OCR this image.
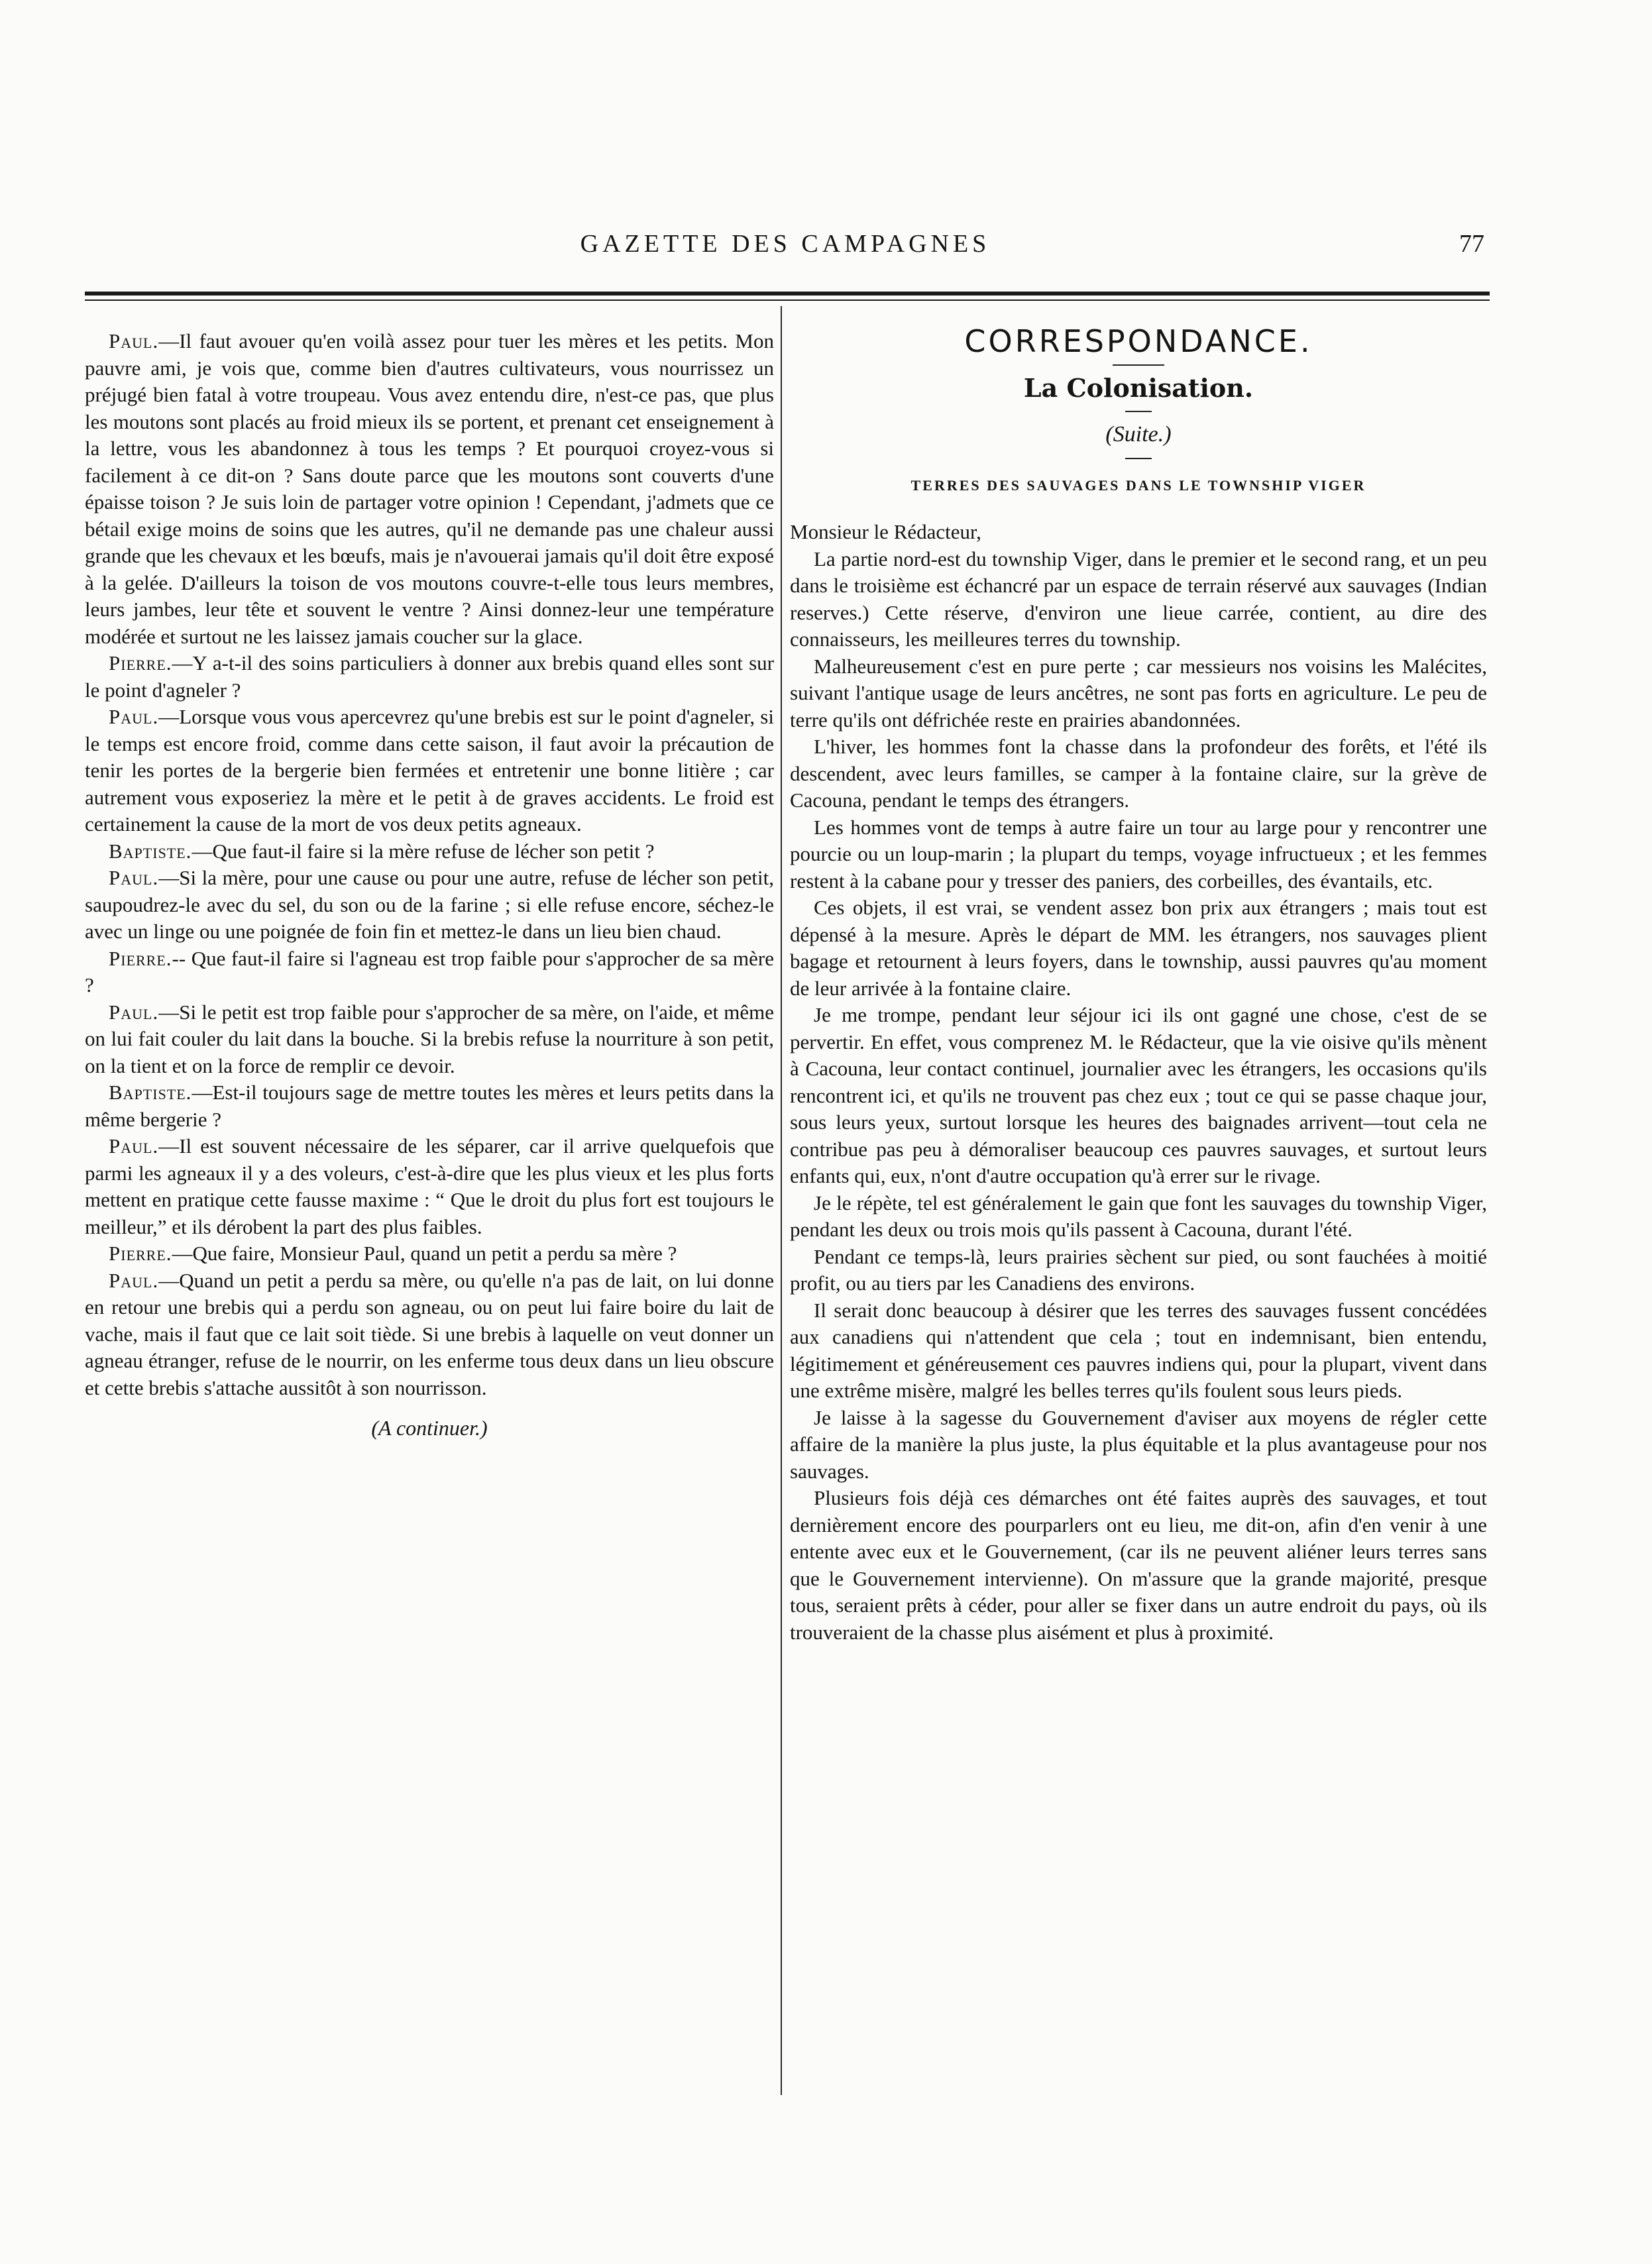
GAZETTE DES CAMPAGNES	77

Paul.—Il faut avouer qu'en voilà assez pour tuer les mères et les petits. Mon pauvre ami, je vois que, comme bien d'autres cultivateurs, vous nourrissez un préjugé bien fatal à votre troupeau. Vous avez entendu dire, n'est-ce pas, que plus les moutons sont placés au froid mieux ils se portent, et prenant cet enseignement à la lettre, vous les abandonnez à tous les temps ? Et pourquoi croyez-vous si facilement à ce dit-on ? Sans doute parce que les moutons sont couverts d'une épaisse toison ? Je suis loin de partager votre opinion ! Cependant, j'admets que ce bétail exige moins de soins que les autres, qu'il ne demande pas une chaleur aussi grande que les chevaux et les bœufs, mais je n'avouerai jamais qu'il doit être exposé à la gelée. D'ailleurs la toison de vos moutons couvre-t-elle tous leurs membres, leurs jambes, leur tête et souvent le ventre ? Ainsi donnez-leur une température modérée et surtout ne les laissez jamais coucher sur la glace.

Pierre.—Y a-t-il des soins particuliers à donner aux brebis quand elles sont sur le point d'agneler ?

Paul.—Lorsque vous vous apercevrez qu'une brebis est sur le point d'agneler, si le temps est encore froid, comme dans cette saison, il faut avoir la précaution de tenir les portes de la bergerie bien fermées et entretenir une bonne litière ; car autrement vous exposeriez la mère et le petit à de graves accidents. Le froid est certainement la cause de la mort de vos deux petits agneaux.

Baptiste.—Que faut-il faire si la mère refuse de lécher son petit ?

Paul.—Si la mère, pour une cause ou pour une autre, refuse de lécher son petit, saupoudrez-le avec du sel, du son ou de la farine ; si elle refuse encore, séchez-le avec un linge ou une poignée de foin fin et mettez-le dans un lieu bien chaud.

Pierre.-- Que faut-il faire si l'agneau est trop faible pour s'approcher de sa mère ?

Paul.—Si le petit est trop faible pour s'approcher de sa mère, on l'aide, et même on lui fait couler du lait dans la bouche. Si la brebis refuse la nourriture à son petit, on la tient et on la force de remplir ce devoir.

Baptiste.—Est-il toujours sage de mettre toutes les mères et leurs petits dans la même bergerie ?

Paul.—Il est souvent nécessaire de les séparer, car il arrive quelquefois que parmi les agneaux il y a des voleurs, c'est-à-dire que les plus vieux et les plus forts mettent en pratique cette fausse maxime : “ Que le droit du plus fort est toujours le meilleur,” et ils dérobent la part des plus faibles.

Pierre.—Que faire, Monsieur Paul, quand un petit a perdu sa mère ?

Paul.—Quand un petit a perdu sa mère, ou qu'elle n'a pas de lait, on lui donne en retour une brebis qui a perdu son agneau, ou on peut lui faire boire du lait de vache, mais il faut que ce lait soit tiède. Si une brebis à laquelle on veut donner un agneau étranger, refuse de le nourrir, on les enferme tous deux dans un lieu obscure et cette brebis s'attache aussitôt à son nourrisson.

(A continuer.)
CORRESPONDANCE.
La Colonisation.
(Suite.)
TERRES DES SAUVAGES DANS LE TOWNSHIP VIGER

Monsieur le Rédacteur,

La partie nord-est du township Viger, dans le premier et le second rang, et un peu dans le troisième est échancré par un espace de terrain réservé aux sauvages (Indian reserves.) Cette réserve, d'environ une lieue carrée, contient, au dire des connaisseurs, les meilleures terres du township.

Malheureusement c'est en pure perte ; car messieurs nos voisins les Malécites, suivant l'antique usage de leurs ancêtres, ne sont pas forts en agriculture. Le peu de terre qu'ils ont défrichée reste en prairies abandonnées.

L'hiver, les hommes font la chasse dans la profondeur des forêts, et l'été ils descendent, avec leurs familles, se camper à la fontaine claire, sur la grève de Cacouna, pendant le temps des étrangers.

Les hommes vont de temps à autre faire un tour au large pour y rencontrer une pourcie ou un loup-marin ; la plupart du temps, voyage infructueux ; et les femmes restent à la cabane pour y tresser des paniers, des corbeilles, des évantails, etc.

Ces objets, il est vrai, se vendent assez bon prix aux étrangers ; mais tout est dépensé à la mesure. Après le départ de MM. les étrangers, nos sauvages plient bagage et retournent à leurs foyers, dans le township, aussi pauvres qu'au moment de leur arrivée à la fontaine claire.

Je me trompe, pendant leur séjour ici ils ont gagné une chose, c'est de se pervertir. En effet, vous comprenez M. le Rédacteur, que la vie oisive qu'ils mènent à Cacouna, leur contact continuel, journalier avec les étrangers, les occasions qu'ils rencontrent ici, et qu'ils ne trouvent pas chez eux ; tout ce qui se passe chaque jour, sous leurs yeux, surtout lorsque les heures des baignades arrivent—tout cela ne contribue pas peu à démoraliser beaucoup ces pauvres sauvages, et surtout leurs enfants qui, eux, n'ont d'autre occupation qu'à errer sur le rivage.

Je le répète, tel est généralement le gain que font les sauvages du township Viger, pendant les deux ou trois mois qu'ils passent à Cacouna, durant l'été.

Pendant ce temps-là, leurs prairies sèchent sur pied, ou sont fauchées à moitié profit, ou au tiers par les Canadiens des environs.

Il serait donc beaucoup à désirer que les terres des sauvages fussent concédées aux canadiens qui n'attendent que cela ; tout en indemnisant, bien entendu, légitimement et généreusement ces pauvres indiens qui, pour la plupart, vivent dans une extrême misère, malgré les belles terres qu'ils foulent sous leurs pieds.

Je laisse à la sagesse du Gouvernement d'aviser aux moyens de régler cette affaire de la manière la plus juste, la plus équitable et la plus avantageuse pour nos sauvages.

Plusieurs fois déjà ces démarches ont été faites auprès des sauvages, et tout dernièrement encore des pourparlers ont eu lieu, me dit-on, afin d'en venir à une entente avec eux et le Gouvernement, (car ils ne peuvent aliéner leurs terres sans que le Gouvernement intervienne). On m'assure que la grande majorité, presque tous, seraient prêts à céder, pour aller se fixer dans un autre endroit du pays, où ils trouveraient de la chasse plus aisément et plus à proximité.
